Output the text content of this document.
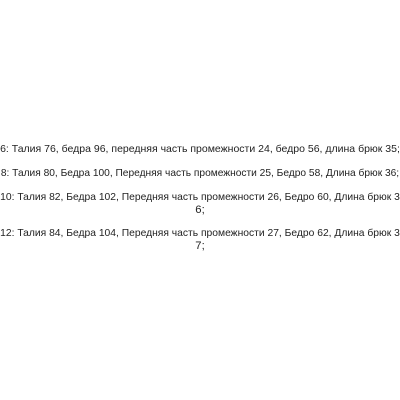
6: Талия 76, бедра 96, передняя часть промежности 24, бедро 56, длина брюк 35;
8: Талия 80, Бедра 100, Передняя часть промежности 25, Бедро 58, Длина брюк 36;
10: Талия 82, Бедра 102, Передняя часть промежности 26, Бедро 60, Длина брюк 3
6;
12: Талия 84, Бедра 104, Передняя часть промежности 27, Бедро 62, Длина брюк 3
7;
